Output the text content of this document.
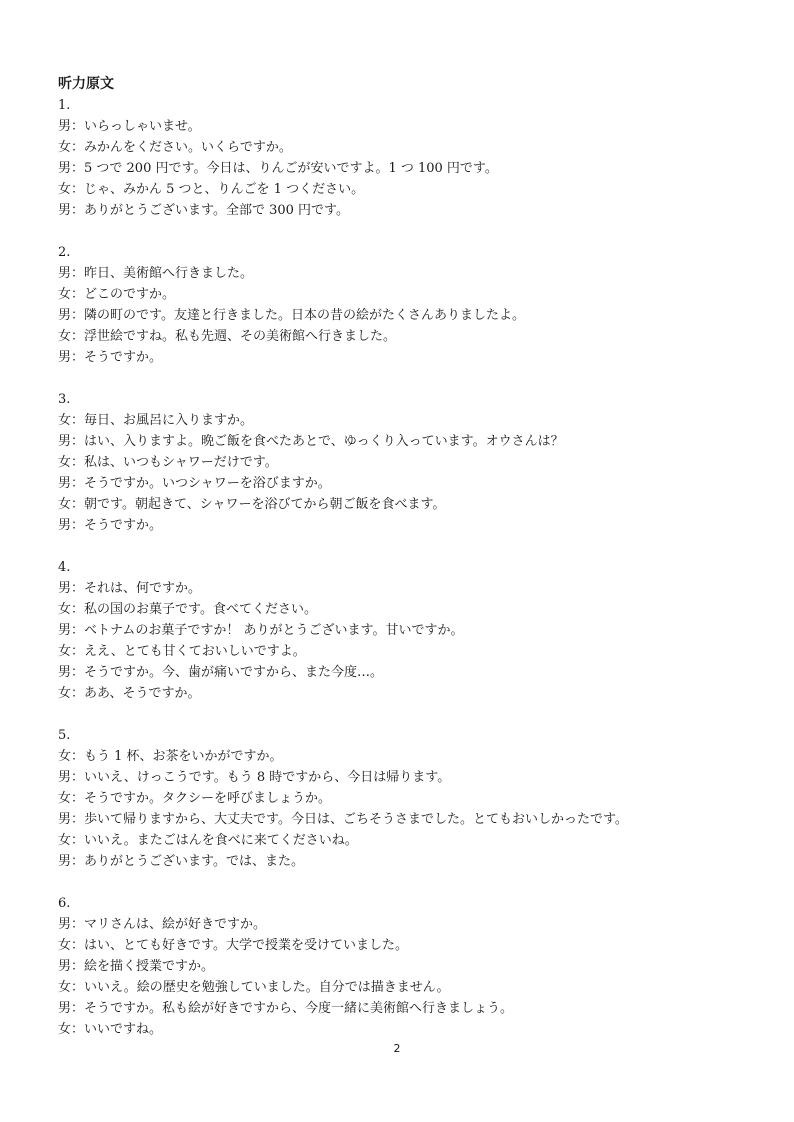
听力原文
1.
男：いらっしゃいませ。
女：みかんをください。いくらですか。
男：5 つで 200 円です。今日は、りんごが安いですよ。1 つ 100 円です。
女：じゃ、みかん 5 つと、りんごを 1 つください。
男：ありがとうございます。全部で 300 円です。
2.
男：昨日、美術館へ行きました。
女：どこのですか。
男：隣の町のです。友達と行きました。日本の昔の絵がたくさんありましたよ。
女：浮世絵ですね。私も先週、その美術館へ行きました。
男：そうですか。
3.
女：毎日、お風呂に入りますか。
男：はい、入りますよ。晩ご飯を食べたあとで、ゆっくり入っています。オウさんは？
女：私は、いつもシャワーだけです。
男：そうですか。いつシャワーを浴びますか。
女：朝です。朝起きて、シャワーを浴びてから朝ご飯を食べます。
男：そうですか。
4.
男：それは、何ですか。
女：私の国のお菓子です。食べてください。
男：ベトナムのお菓子ですか！ ありがとうございます。甘いですか。
女：ええ、とても甘くておいしいですよ。
男：そうですか。今、歯が痛いですから、また今度…。
女：ああ、そうですか。
5.
女：もう 1 杯、お茶をいかがですか。
男：いいえ、けっこうです。もう 8 時ですから、今日は帰ります。
女：そうですか。タクシーを呼びましょうか。
男：歩いて帰りますから、大丈夫です。今日は、ごちそうさまでした。とてもおいしかったです。
女：いいえ。またごはんを食べに来てくださいね。
男：ありがとうございます。では、また。
6.
男：マリさんは、絵が好きですか。
女：はい、とても好きです。大学で授業を受けていました。
男：絵を描く授業ですか。
女：いいえ。絵の歴史を勉強していました。自分では描きません。
男：そうですか。私も絵が好きですから、今度一緒に美術館へ行きましょう。
女：いいですね。
2
